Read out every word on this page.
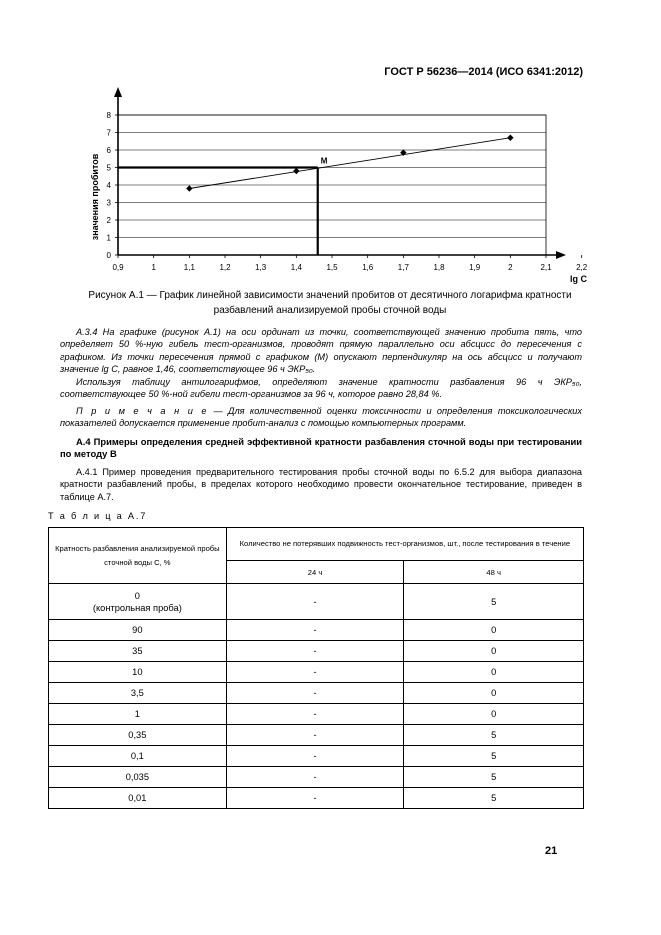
ГОСТ Р 56236—2014 (ИСО 6341:2012)
0
1
2
3
4
5
6
7
8
0,9	1	1,1	1,2	1,3	1,4	1,5	1,6	1,7	1,8	1,9	2	2,1	2,2
М
значения пробитов
lg C
Рисунок А.1 — График линейной зависимости значений пробитов от десятичного логарифма кратности
разбавлений анализируемой пробы сточной воды
А.3.4 На графике (рисунок А.1) на оси ординат из точки, соответствующей значению пробита пять, что определяет 50 %-ную гибель тест-организмов, проводят прямую параллельно оси абсцисс до пересечения с графиком. Из точки пересечения прямой с графиком (М) опускают перпендикуляр на ось абсцисс и получают значение lg C, равное 1,46, соответствующее 96 ч ЭКР₅₀.
Используя таблицу антилогарифмов, определяют значение кратности разбавления 96 ч ЭКР₅₀, соответствующее 50 %-ной гибели тест-организмов за 96 ч, которое равно 28,84 %.
П р и м е ч а н и е — Для количественной оценки токсичности и определения токсикологических показателей допускается применение пробит-анализ с помощью компьютерных программ.
А.4 Примеры определения средней эффективной кратности разбавления сточной воды при тестировании по методу В
А.4.1 Пример проведения предварительного тестирования пробы сточной воды по 6.5.2 для выбора диапазона кратности разбавлений пробы, в пределах которого необходимо провести окончательное тестирование, приведен в таблице А.7.
Т а б л и ц а А.7
Кратность разбавления анализируемой пробы сточной воды С, %	Количество не потерявших подвижность тест-организмов, шт., после тестирования в течение	
	24 ч	48 ч
0
(контрольная проба)	-	5
90	-	0
35	-	0
10	-	0
3,5	-	0
1	-	0
0,35	-	5
0,1	-	5
0,035	-	5
0,01	-	5
21
